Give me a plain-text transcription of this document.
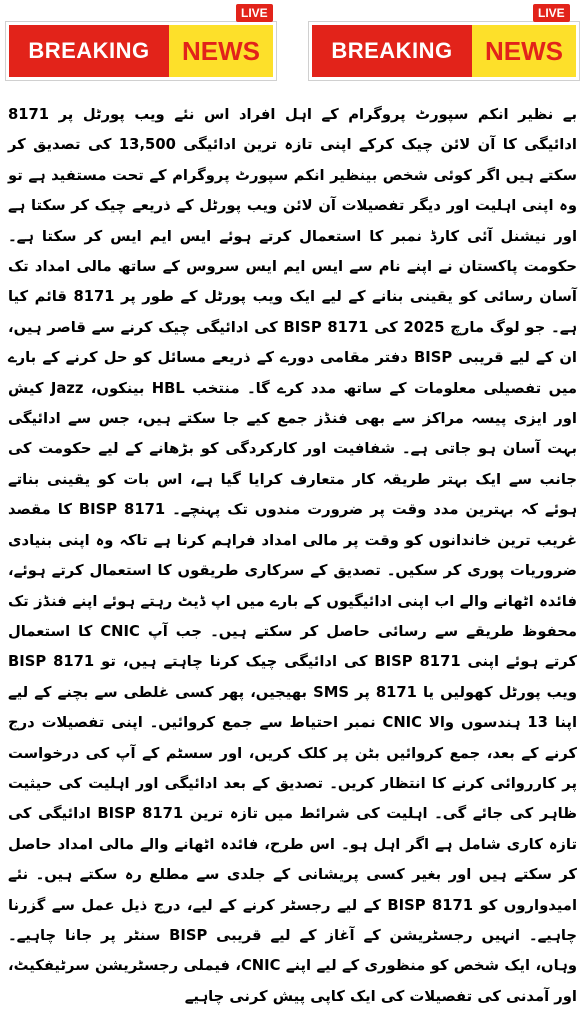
BREAKING	NEWS
LIVE
BREAKING	NEWS
LIVE

بے نظیر انکم سپورٹ پروگرام کے اہل افراد اس نئے ویب پورٹل پر 8171 ادائیگی کا آن لائن چیک کرکے اپنی تازہ ترین ادائیگی 13,500 کی تصدیق کر سکتے ہیں اگر کوئی شخص بینظیر انکم سپورٹ پروگرام کے تحت مستفید ہے تو وہ اپنی اہلیت اور دیگر تفصیلات آن لائن ویب پورٹل کے ذریعے چیک کر سکتا ہے اور نیشنل آئی کارڈ نمبر کا استعمال کرتے ہوئے ایس ایم ایس کر سکتا ہے۔ حکومت پاکستان نے اپنے نام سے ایس ایم ایس سروس کے ساتھ مالی امداد تک آسان رسائی کو یقینی بنانے کے لیے ایک ویب پورٹل کے طور پر 8171 قائم کیا ہے۔ جو لوگ مارچ 2025 کی BISP 8171 کی ادائیگی چیک کرنے سے قاصر ہیں، ان کے لیے قریبی BISP دفتر مقامی دورے کے ذریعے مسائل کو حل کرنے کے بارے میں تفصیلی معلومات کے ساتھ مدد کرے گا۔ منتخب HBL بینکوں، Jazz کیش اور ایزی پیسہ مراکز سے بھی فنڈز جمع کیے جا سکتے ہیں، جس سے ادائیگی بہت آسان ہو جاتی ہے۔ شفافیت اور کارکردگی کو بڑھانے کے لیے حکومت کی جانب سے ایک بہتر طریقہ کار متعارف کرایا گیا ہے، اس بات کو یقینی بناتے ہوئے کہ بہترین مدد وقت پر ضرورت مندوں تک پہنچے۔ BISP 8171 کا مقصد غریب ترین خاندانوں کو وقت پر مالی امداد فراہم کرنا ہے تاکہ وہ اپنی بنیادی ضروریات پوری کر سکیں۔ تصدیق کے سرکاری طریقوں کا استعمال کرتے ہوئے، فائدہ اٹھانے والے اب اپنی ادائیگیوں کے بارے میں اپ ڈیٹ رہتے ہوئے اپنے فنڈز تک محفوظ طریقے سے رسائی حاصل کر سکتے ہیں۔ جب آپ CNIC کا استعمال کرتے ہوئے اپنی BISP 8171 کی ادائیگی چیک کرنا چاہتے ہیں، تو BISP 8171 ویب پورٹل کھولیں یا 8171 پر SMS بھیجیں، پھر کسی غلطی سے بچنے کے لیے اپنا 13 ہندسوں والا CNIC نمبر احتیاط سے جمع کروائیں۔ اپنی تفصیلات درج کرنے کے بعد، جمع کروائیں بٹن پر کلک کریں، اور سسٹم کے آپ کی درخواست پر کارروائی کرنے کا انتظار کریں۔ تصدیق کے بعد ادائیگی اور اہلیت کی حیثیت ظاہر کی جائے گی۔ اہلیت کی شرائط میں تازہ ترین BISP 8171 ادائیگی کی تازہ کاری شامل ہے اگر اہل ہو۔ اس طرح، فائدہ اٹھانے والے مالی امداد حاصل کر سکتے ہیں اور بغیر کسی پریشانی کے جلدی سے مطلع رہ سکتے ہیں۔ نئے امیدواروں کو BISP 8171 کے لیے رجسٹر کرنے کے لیے، درج ذیل عمل سے گزرنا چاہیے۔ انہیں رجسٹریشن کے آغاز کے لیے قریبی BISP سنٹر پر جانا چاہیے۔ وہاں، ایک شخص کو منظوری کے لیے اپنے CNIC، فیملی رجسٹریشن سرٹیفکیٹ، اور آمدنی کی تفصیلات کی ایک کاپی پیش کرنی چاہیے
